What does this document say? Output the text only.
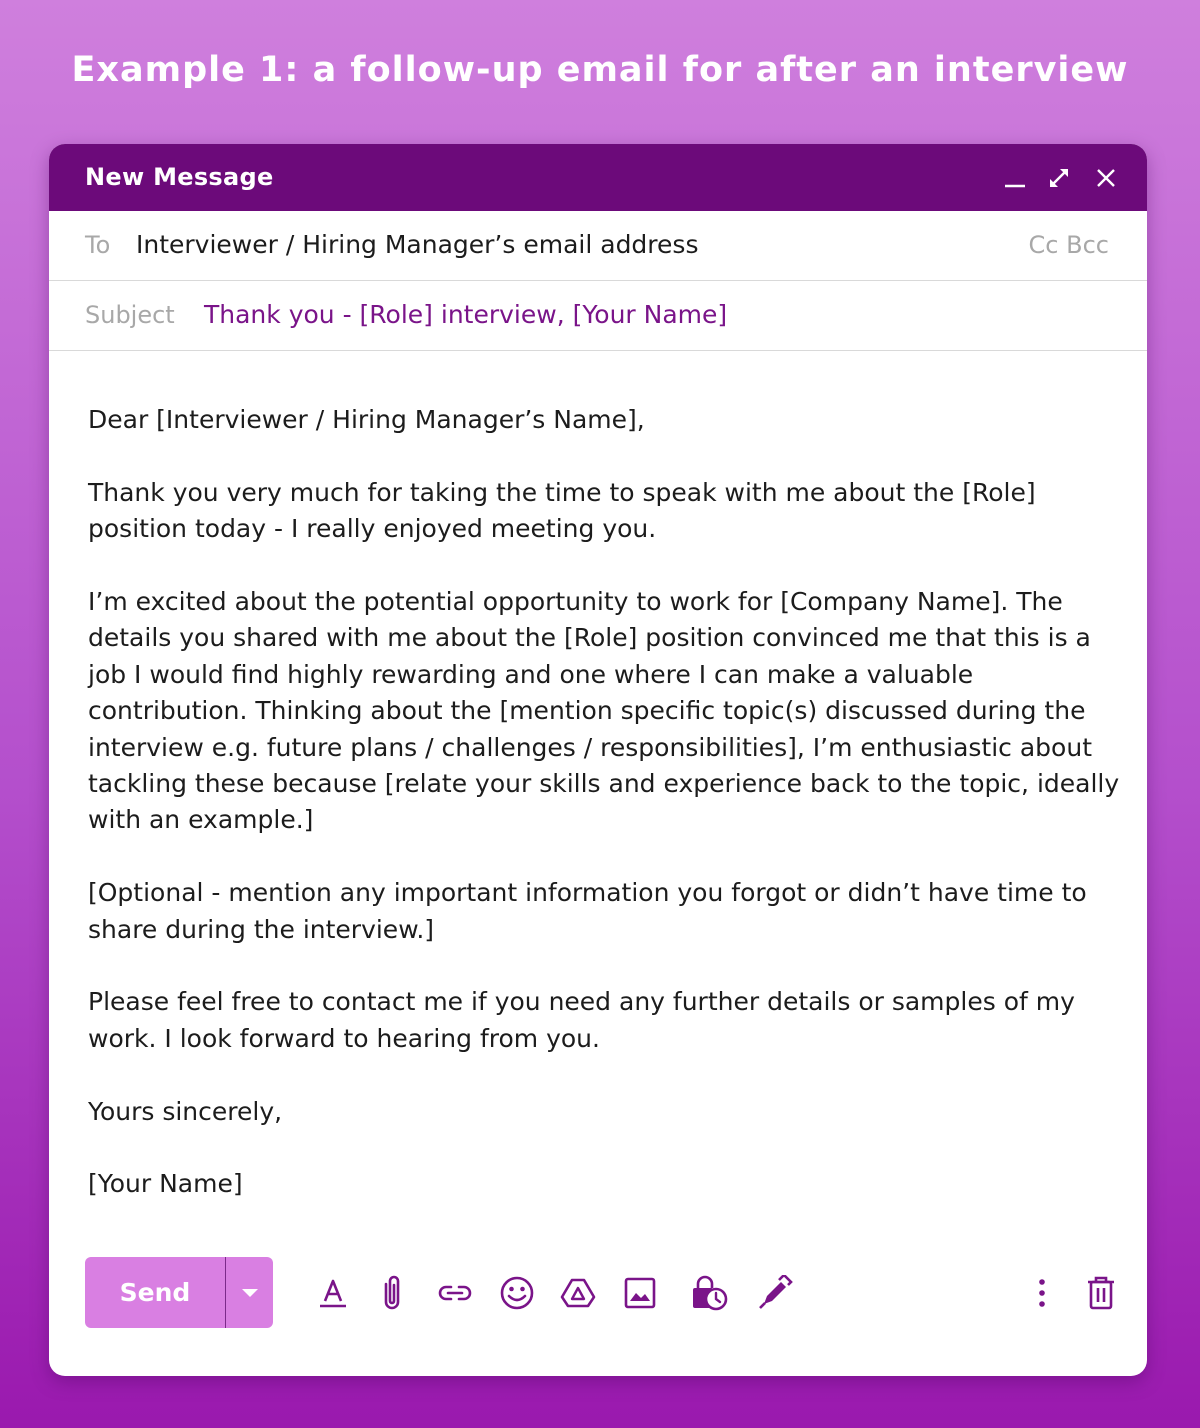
Example 1: a follow-up email for after an interview
New Message
To Interviewer / Hiring Manager’s email address	Cc Bcc
Subject Thank you - [Role] interview, [Your Name]

Dear [Interviewer / Hiring Manager’s Name],

Thank you very much for taking the time to speak with me about the [Role] position today - I really enjoyed meeting you.

I’m excited about the potential opportunity to work for [Company Name]. The details you shared with me about the [Role] position convinced me that this is a job I would find highly rewarding and one where I can make a valuable contribution. Thinking about the [mention specific topic(s) discussed during the interview e.g. future plans / challenges / responsibilities], I’m enthusiastic about tackling these because [relate your skills and experience back to the topic, ideally with an example.]

[Optional - mention any important information you forgot or didn’t have time to share during the interview.]

Please feel free to contact me if you need any further details or samples of my work. I look forward to hearing from you.

Yours sincerely,

[Your Name]

Send
